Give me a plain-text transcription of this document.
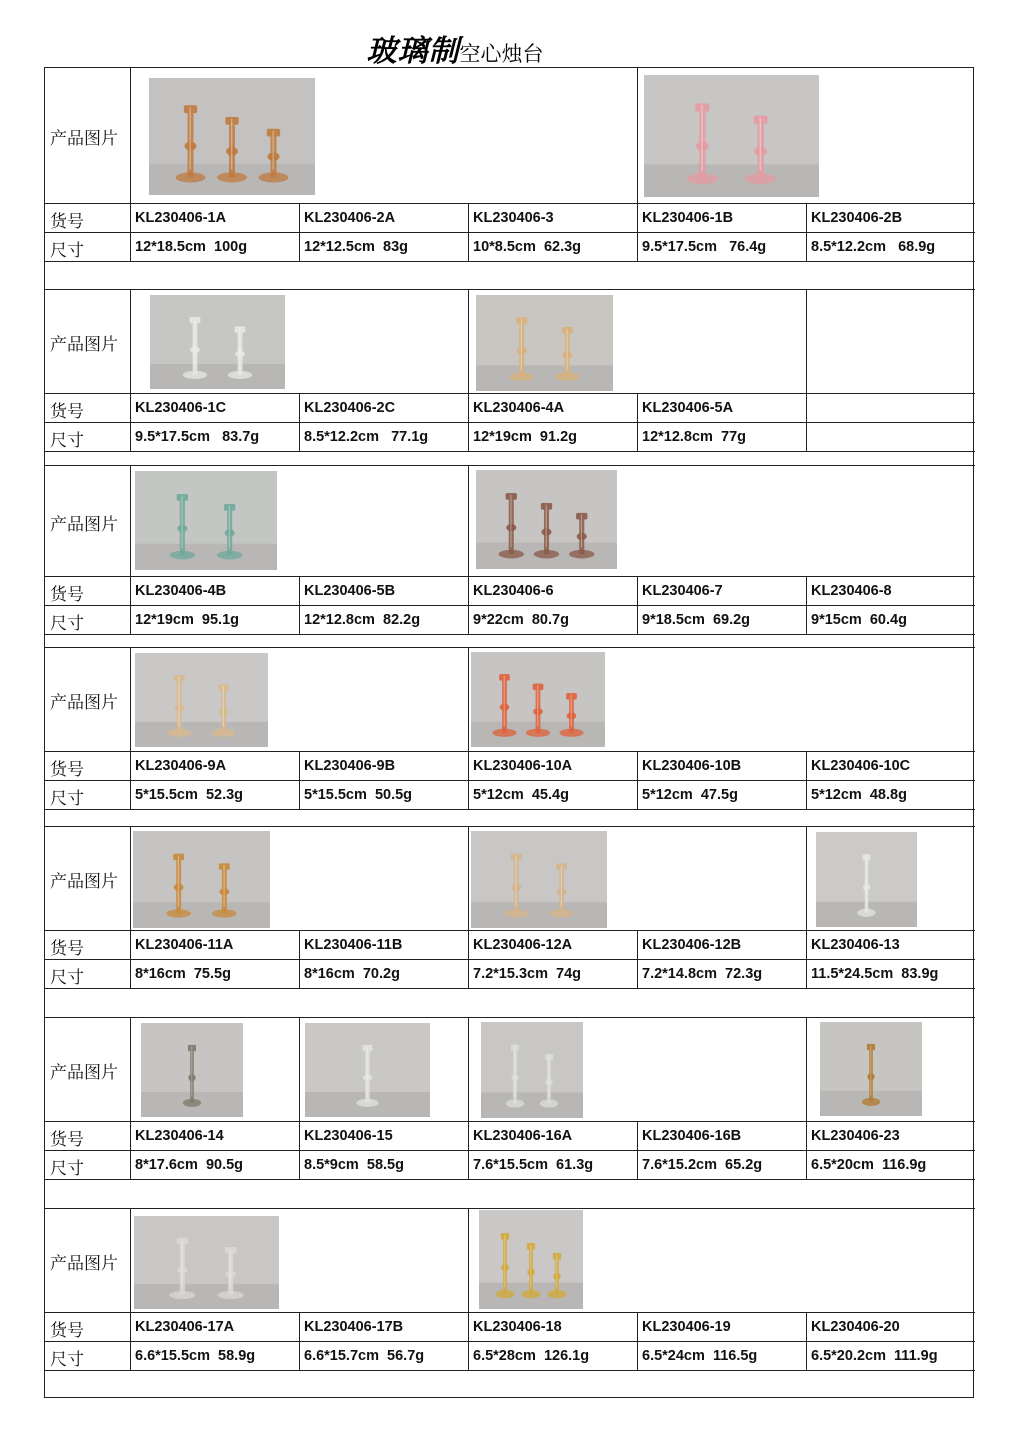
玻璃制空心烛台
产品图片
货号
尺寸
KL230406-1A
12*18.5cm  100g
KL230406-2A
12*12.5cm  83g
KL230406-3
10*8.5cm  62.3g
KL230406-1B
9.5*17.5cm   76.4g
KL230406-2B
8.5*12.2cm   68.9g
产品图片
货号
尺寸
KL230406-1C
9.5*17.5cm   83.7g
KL230406-2C
8.5*12.2cm   77.1g
KL230406-4A
12*19cm  91.2g
KL230406-5A
12*12.8cm  77g
产品图片
货号
尺寸
KL230406-4B
12*19cm  95.1g
KL230406-5B
12*12.8cm  82.2g
KL230406-6
9*22cm  80.7g
KL230406-7
9*18.5cm  69.2g
KL230406-8
9*15cm  60.4g
产品图片
货号
尺寸
KL230406-9A
5*15.5cm  52.3g
KL230406-9B
5*15.5cm  50.5g
KL230406-10A
5*12cm  45.4g
KL230406-10B
5*12cm  47.5g
KL230406-10C
5*12cm  48.8g
产品图片
货号
尺寸
KL230406-11A
8*16cm  75.5g
KL230406-11B
8*16cm  70.2g
KL230406-12A
7.2*15.3cm  74g
KL230406-12B
7.2*14.8cm  72.3g
KL230406-13
11.5*24.5cm  83.9g
产品图片
货号
尺寸
KL230406-14
8*17.6cm  90.5g
KL230406-15
8.5*9cm  58.5g
KL230406-16A
7.6*15.5cm  61.3g
KL230406-16B
7.6*15.2cm  65.2g
KL230406-23
6.5*20cm  116.9g
产品图片
货号
尺寸
KL230406-17A
6.6*15.5cm  58.9g
KL230406-17B
6.6*15.7cm  56.7g
KL230406-18
6.5*28cm  126.1g
KL230406-19
6.5*24cm  116.5g
KL230406-20
6.5*20.2cm  111.9g
